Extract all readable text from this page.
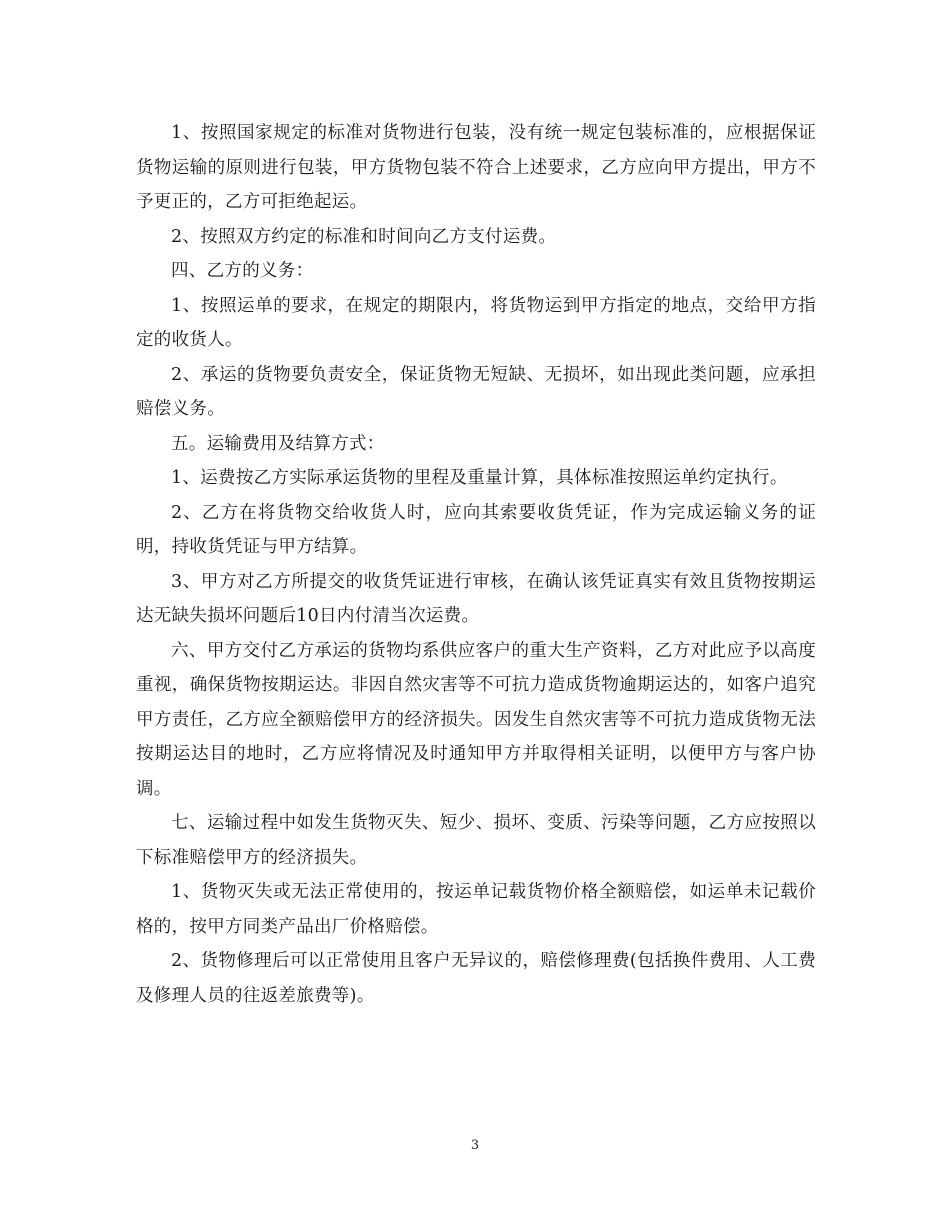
1、按照国家规定的标准对货物进行包装，没有统一规定包装标准的，应根据保证货物运输的原则进行包装，甲方货物包装不符合上述要求，乙方应向甲方提出，甲方不予更正的，乙方可拒绝起运。

2、按照双方约定的标准和时间向乙方支付运费。

四、乙方的义务：

1、按照运单的要求，在规定的期限内，将货物运到甲方指定的地点，交给甲方指定的收货人。

2、承运的货物要负责安全，保证货物无短缺、无损坏，如出现此类问题，应承担赔偿义务。

五。运输费用及结算方式：

1、运费按乙方实际承运货物的里程及重量计算，具体标准按照运单约定执行。

2、乙方在将货物交给收货人时，应向其索要收货凭证，作为完成运输义务的证明，持收货凭证与甲方结算。

3、甲方对乙方所提交的收货凭证进行审核，在确认该凭证真实有效且货物按期运达无缺失损坏问题后10日内付清当次运费。

六、甲方交付乙方承运的货物均系供应客户的重大生产资料，乙方对此应予以高度重视，确保货物按期运达。非因自然灾害等不可抗力造成货物逾期运达的，如客户追究甲方责任，乙方应全额赔偿甲方的经济损失。因发生自然灾害等不可抗力造成货物无法按期运达目的地时，乙方应将情况及时通知甲方并取得相关证明，以便甲方与客户协调。

七、运输过程中如发生货物灭失、短少、损坏、变质、污染等问题，乙方应按照以下标准赔偿甲方的经济损失。

1、货物灭失或无法正常使用的，按运单记载货物价格全额赔偿，如运单未记载价格的，按甲方同类产品出厂价格赔偿。

2、货物修理后可以正常使用且客户无异议的，赔偿修理费(包括换件费用、人工费及修理人员的往返差旅费等)。

3
